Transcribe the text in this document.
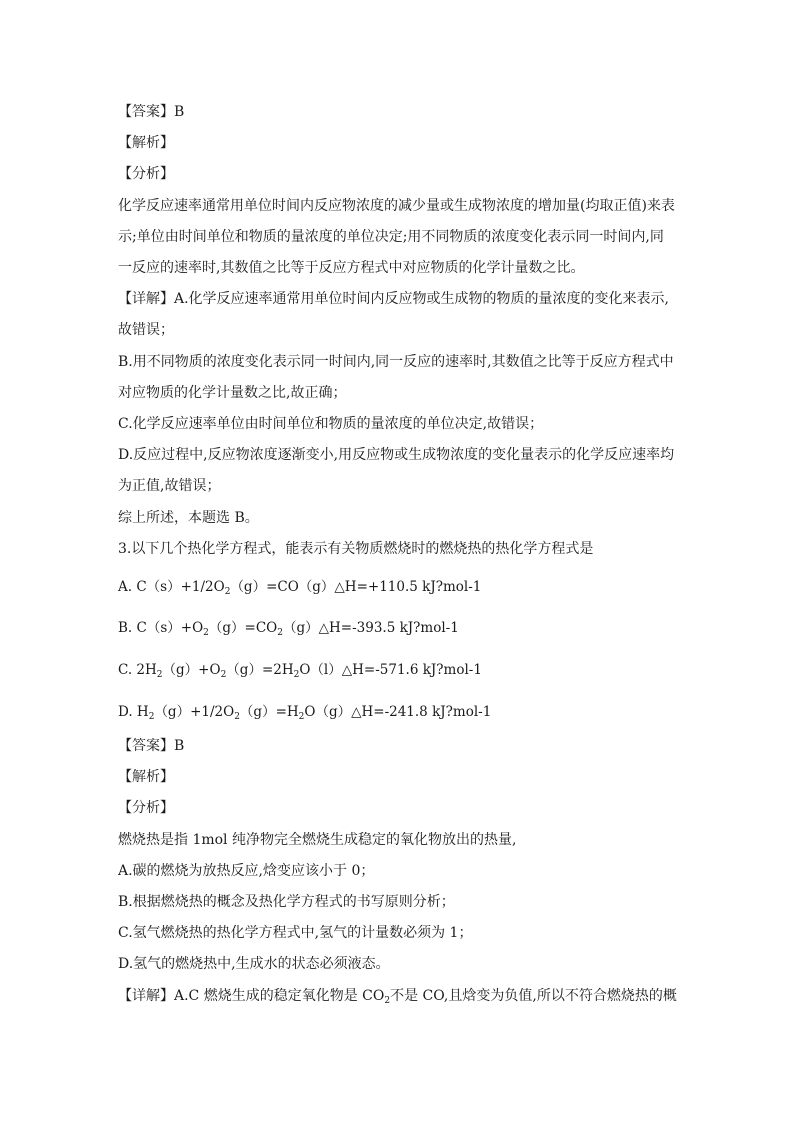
【答案】B
【解析】
【分析】
化学反应速率通常用单位时间内反应物浓度的减少量或生成物浓度的增加量(均取正值)来表
示;单位由时间单位和物质的量浓度的单位决定;用不同物质的浓度变化表示同一时间内,同
一反应的速率时,其数值之比等于反应方程式中对应物质的化学计量数之比。
【详解】A.化学反应速率通常用单位时间内反应物或生成物的物质的量浓度的变化来表示,
故错误；
B.用不同物质的浓度变化表示同一时间内,同一反应的速率时,其数值之比等于反应方程式中
对应物质的化学计量数之比,故正确；
C.化学反应速率单位由时间单位和物质的量浓度的单位决定,故错误；
D.反应过程中,反应物浓度逐渐变小,用反应物或生成物浓度的变化量表示的化学反应速率均
为正值,故错误；
综上所述，本题选 B。
3.以下几个热化学方程式，能表示有关物质燃烧时的燃烧热的热化学方程式是
A. $C(s)+1/2O_2(g)=CO(g)\triangle H=+110.5$ kJ?mol-1
B. $C(s)+O_2(g)=CO_2(g)\triangle H=-393.5$ kJ?mol-1
C. $2H_2(g)+O_2(g)=2H_2O(l)\triangle H=-571.6$ kJ?mol-1
D. $H_2(g)+1/2O_2(g)=H_2O(g)\triangle H=-241.8$ kJ?mol-1
【答案】B
【解析】
【分析】
燃烧热是指 1mol 纯净物完全燃烧生成稳定的氧化物放出的热量,
A.碳的燃烧为放热反应,焓变应该小于 0；
B.根据燃烧热的概念及热化学方程式的书写原则分析；
C.氢气燃烧热的热化学方程式中,氢气的计量数必须为 1；
D.氢气的燃烧热中,生成水的状态必须液态。
【详解】A.C 燃烧生成的稳定氧化物是 $CO_2$不是 CO,且焓变为负值,所以不符合燃烧热的概
